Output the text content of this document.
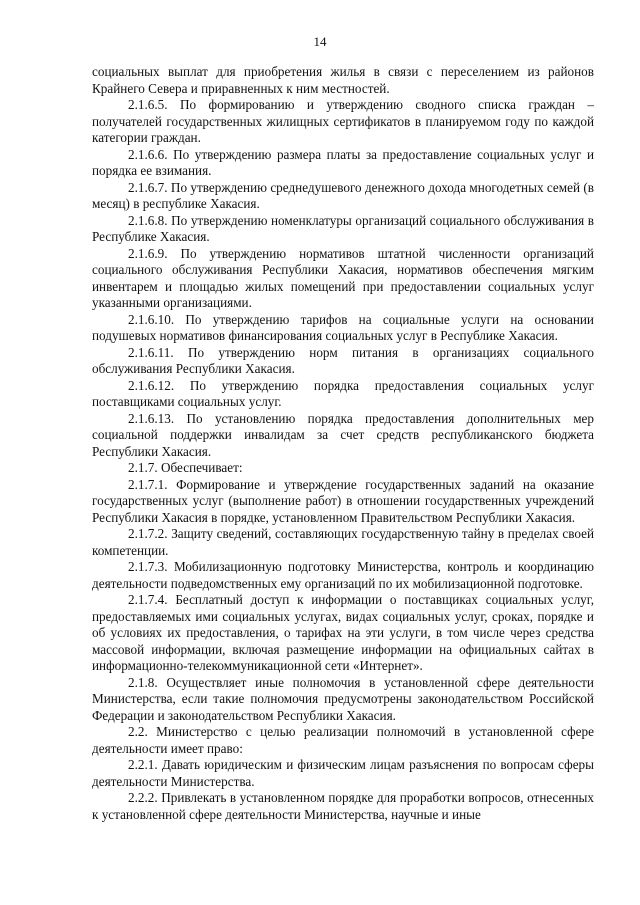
14

социальных выплат для приобретения жилья в связи с переселением из районов Крайнего Севера и приравненных к ним местностей.

2.1.6.5. По формированию и утверждению сводного списка граждан – получателей государственных жилищных сертификатов в планируемом году по каждой категории граждан.

2.1.6.6. По утверждению размера платы за предоставление социальных услуг и порядка ее взимания.

2.1.6.7. По утверждению среднедушевого денежного дохода многодетных семей (в месяц) в республике Хакасия.

2.1.6.8. По утверждению номенклатуры организаций социального обслуживания в Республике Хакасия.

2.1.6.9. По утверждению нормативов штатной численности организаций социального обслуживания Республики Хакасия, нормативов обеспечения мягким инвентарем и площадью жилых помещений при предоставлении социальных услуг указанными организациями.

2.1.6.10. По утверждению тарифов на социальные услуги на основании подушевых нормативов финансирования социальных услуг в Республике Хакасия.

2.1.6.11. По утверждению норм питания в организациях социального обслуживания Республики Хакасия.

2.1.6.12. По утверждению порядка предоставления социальных услуг поставщиками социальных услуг.

2.1.6.13. По установлению порядка предоставления дополнительных мер социальной поддержки инвалидам за счет средств республиканского бюджета Республики Хакасия.

2.1.7. Обеспечивает:

2.1.7.1. Формирование и утверждение государственных заданий на оказание государственных услуг (выполнение работ) в отношении государственных учреждений Республики Хакасия в порядке, установленном Правительством Республики Хакасия.

2.1.7.2. Защиту сведений, составляющих государственную тайну в пределах своей компетенции.

2.1.7.3. Мобилизационную подготовку Министерства, контроль и координацию деятельности подведомственных ему организаций по их мобилизационной подготовке.

2.1.7.4. Бесплатный доступ к информации о поставщиках социальных услуг, предоставляемых ими социальных услугах, видах социальных услуг, сроках, порядке и об условиях их предоставления, о тарифах на эти услуги, в том числе через средства массовой информации, включая размещение информации на официальных сайтах в информационно-телекоммуникационной сети «Интернет».

2.1.8. Осуществляет иные полномочия в установленной сфере деятельности Министерства, если такие полномочия предусмотрены законодательством Российской Федерации и законодательством Республики Хакасия.

2.2. Министерство с целью реализации полномочий в установленной сфере деятельности имеет право:

2.2.1. Давать юридическим и физическим лицам разъяснения по вопросам сферы деятельности Министерства.

2.2.2. Привлекать в установленном порядке для проработки вопросов, отнесенных к установленной сфере деятельности Министерства, научные и иные
